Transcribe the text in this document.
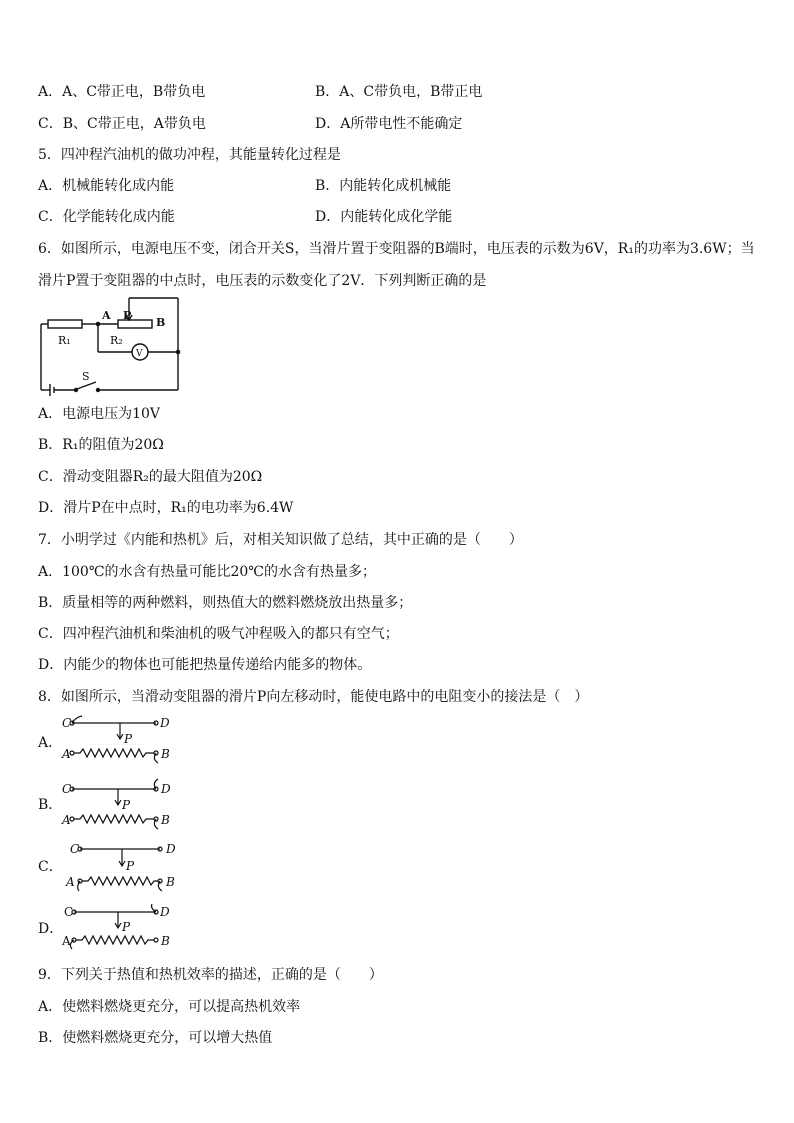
A．A、C带正电，B带负电	B．A、C带负电，B带正电
C．B、C带正电，A带负电	D．A所带电性不能确定
5．四冲程汽油机的做功冲程，其能量转化过程是
A．机械能转化成内能	B．内能转化成机械能
C．化学能转化成内能	D．内能转化成化学能
6．如图所示，电源电压不变，闭合开关S，当滑片置于变阻器的B端时，电压表的示数为6V，R₁的功率为3.6W；当
滑片P置于变阻器的中点时，电压表的示数变化了2V．下列判断正确的是
A P
B
R₁	R₂
V
S
A．电源电压为10V
B．R₁的阻值为20Ω
C．滑动变阻器R₂的最大阻值为20Ω
D．滑片P在中点时，R₁的电功率为6.4W
7．小明学过《内能和热机》后，对相关知识做了总结，其中正确的是（　　）
A．100℃的水含有热量可能比20℃的水含有热量多；
B．质量相等的两种燃料，则热值大的燃料燃烧放出热量多；
C．四冲程汽油机和柴油机的吸气冲程吸入的都只有空气；
D．内能少的物体也可能把热量传递给内能多的物体。
8．如图所示，当滑动变阻器的滑片P向左移动时，能使电路中的电阻变小的接法是（　）
A．
C	D
P
A	B
B．
C	D
P
A	B
C．
C	D
P
A	B
D．
C	D
P
A	B
9．下列关于热值和热机效率的描述，正确的是（　　）
A．使燃料燃烧更充分，可以提高热机效率
B．使燃料燃烧更充分，可以增大热值
